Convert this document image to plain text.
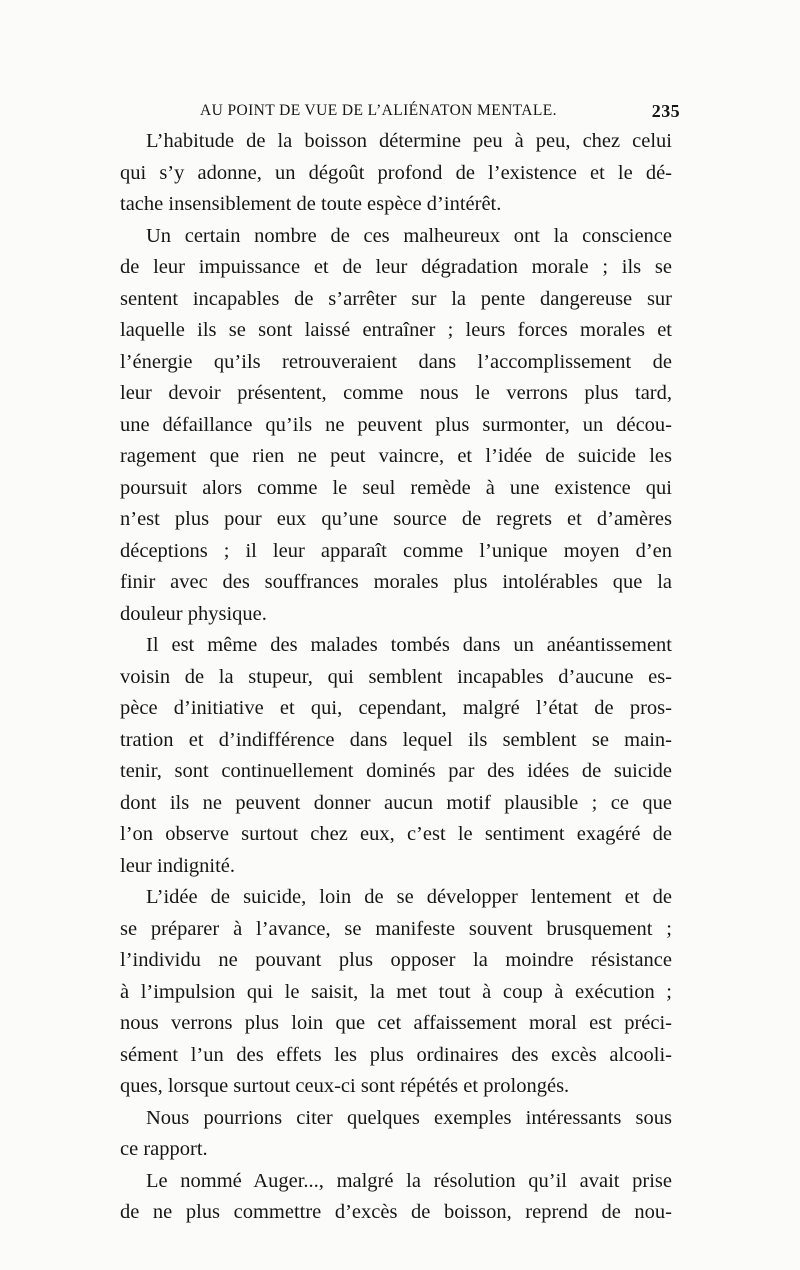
AU POINT DE VUE DE L’ALIÉNATON MENTALE.	235
L’habitude de la boisson détermine peu à peu, chez celui
qui s’y adonne, un dégoût profond de l’existence et le dé-
tache insensiblement de toute espèce d’intérêt.
Un certain nombre de ces malheureux ont la conscience
de leur impuissance et de leur dégradation morale ; ils se
sentent incapables de s’arrêter sur la pente dangereuse sur
laquelle ils se sont laissé entraîner ; leurs forces morales et
l’énergie qu’ils retrouveraient dans l’accomplissement de
leur devoir présentent, comme nous le verrons plus tard,
une défaillance qu’ils ne peuvent plus surmonter, un décou-
ragement que rien ne peut vaincre, et l’idée de suicide les
poursuit alors comme le seul remède à une existence qui
n’est plus pour eux qu’une source de regrets et d’amères
déceptions ; il leur apparaît comme l’unique moyen d’en
finir avec des souffrances morales plus intolérables que la
douleur physique.
Il est même des malades tombés dans un anéantissement
voisin de la stupeur, qui semblent incapables d’aucune es-
pèce d’initiative et qui, cependant, malgré l’état de pros-
tration et d’indifférence dans lequel ils semblent se main-
tenir, sont continuellement dominés par des idées de suicide
dont ils ne peuvent donner aucun motif plausible ; ce que
l’on observe surtout chez eux, c’est le sentiment exagéré de
leur indignité.
L’idée de suicide, loin de se développer lentement et de
se préparer à l’avance, se manifeste souvent brusquement ;
l’individu ne pouvant plus opposer la moindre résistance
à l’impulsion qui le saisit, la met tout à coup à exécution ;
nous verrons plus loin que cet affaissement moral est préci-
sément l’un des effets les plus ordinaires des excès alcooli-
ques, lorsque surtout ceux-ci sont répétés et prolongés.
Nous pourrions citer quelques exemples intéressants sous
ce rapport.
Le nommé Auger..., malgré la résolution qu’il avait prise
de ne plus commettre d’excès de boisson, reprend de nou-
